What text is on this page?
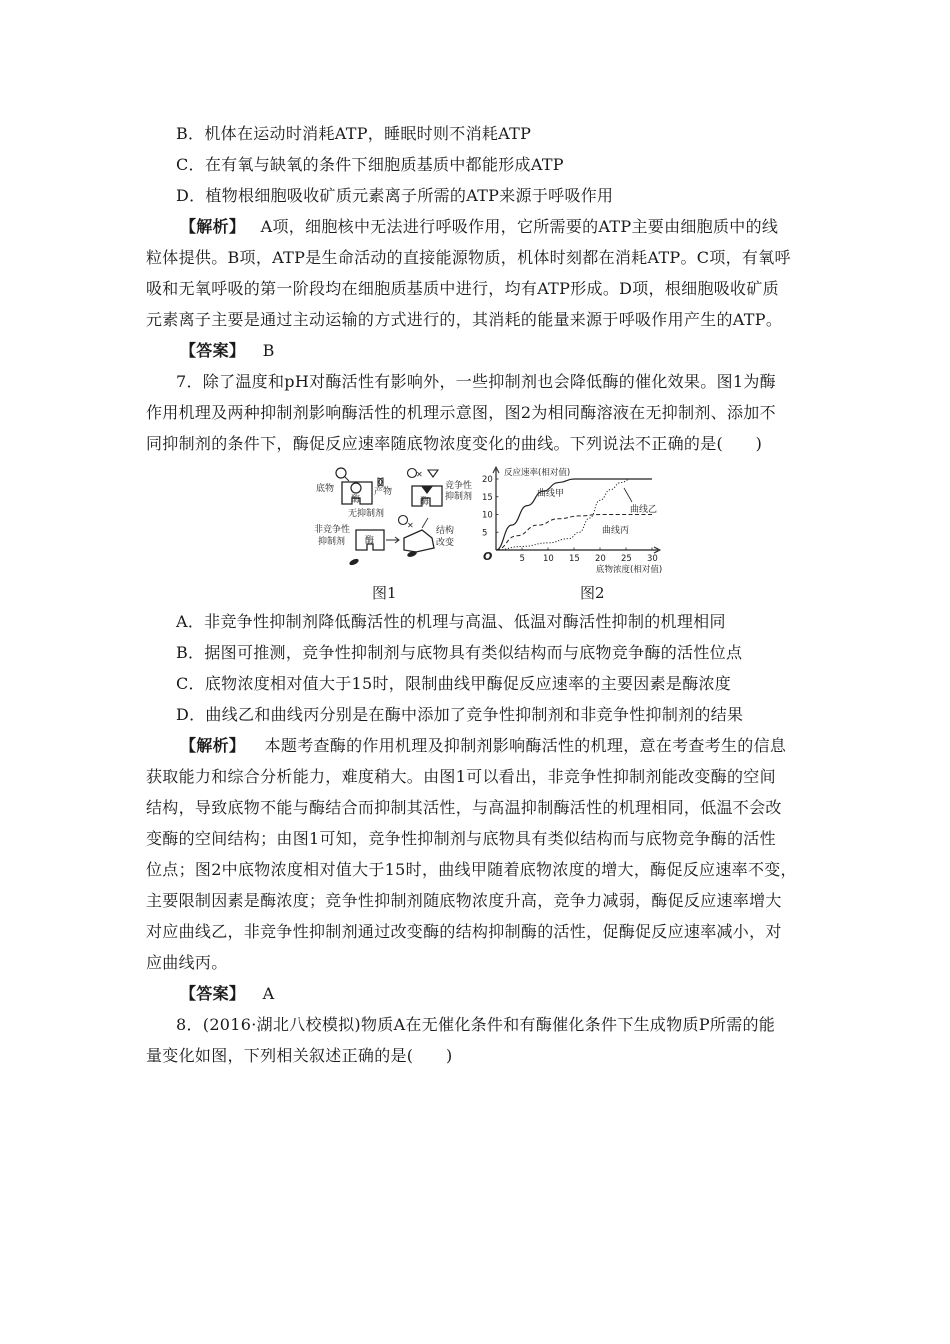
B．机体在运动时消耗ATP，睡眠时则不消耗ATP
C．在有氧与缺氧的条件下细胞质基质中都能形成ATP
D．植物根细胞吸收矿质元素离子所需的ATP来源于呼吸作用
【解析】 A项，细胞核中无法进行呼吸作用，它所需要的ATP主要由细胞质中的线
粒体提供。B项，ATP是生命活动的直接能源物质，机体时刻都在消耗ATP。C项，有氧呼
吸和无氧呼吸的第一阶段均在细胞质基质中进行，均有ATP形成。D项，根细胞吸收矿质
元素离子主要是通过主动运输的方式进行的，其消耗的能量来源于呼吸作用产生的ATP。
【答案】 B
7．除了温度和pH对酶活性有影响外，一些抑制剂也会降低酶的催化效果。图1为酶
作用机理及两种抑制剂影响酶活性的机理示意图，图2为相同酶溶液在无抑制剂、添加不
同抑制剂的条件下，酶促反应速率随底物浓度变化的曲线。下列说法不正确的是(　　)
底物
酶
无抑制剂
产物
✕
酶
竞争性
抑制剂
非竞争性
抑制剂 酶
✕
结构
改变
反应速率(相对值)
底物浓度(相对值)
O	5 10 15 20 25 30
5
10
15
20
曲线甲
曲线乙
曲线丙
图1	图2
A．非竞争性抑制剂降低酶活性的机理与高温、低温对酶活性抑制的机理相同
B．据图可推测，竞争性抑制剂与底物具有类似结构而与底物竞争酶的活性位点
C．底物浓度相对值大于15时，限制曲线甲酶促反应速率的主要因素是酶浓度
D．曲线乙和曲线丙分别是在酶中添加了竞争性抑制剂和非竞争性抑制剂的结果
【解析】 本题考查酶的作用机理及抑制剂影响酶活性的机理，意在考查考生的信息
获取能力和综合分析能力，难度稍大。由图1可以看出，非竞争性抑制剂能改变酶的空间
结构，导致底物不能与酶结合而抑制其活性，与高温抑制酶活性的机理相同，低温不会改
变酶的空间结构；由图1可知，竞争性抑制剂与底物具有类似结构而与底物竞争酶的活性
位点；图2中底物浓度相对值大于15时，曲线甲随着底物浓度的增大，酶促反应速率不变，
主要限制因素是酶浓度；竞争性抑制剂随底物浓度升高，竞争力减弱，酶促反应速率增大
对应曲线乙，非竞争性抑制剂通过改变酶的结构抑制酶的活性，促酶促反应速率减小，对
应曲线丙。
【答案】 A
8．(2016·湖北八校模拟)物质A在无催化条件和有酶催化条件下生成物质P所需的能
量变化如图，下列相关叙述正确的是(　　)
